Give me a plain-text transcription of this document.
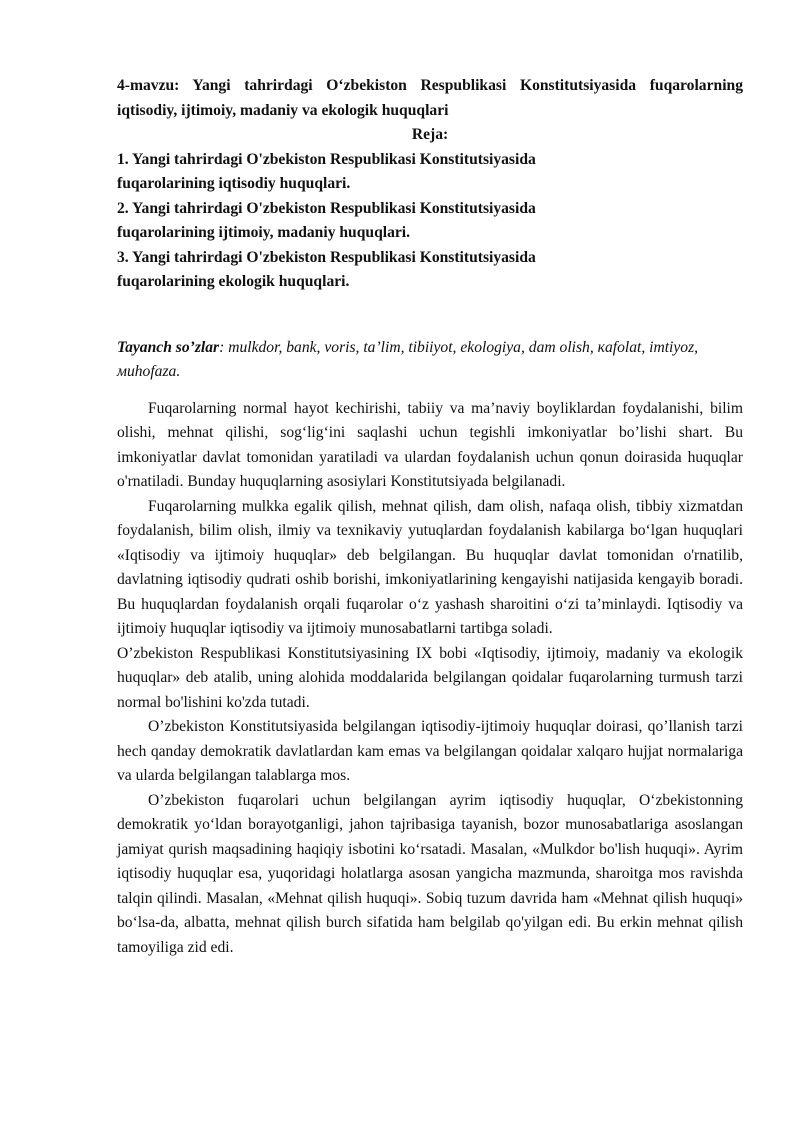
4-mavzu: Yangi tahrirdagi O‘zbekiston Respublikasi Konstitutsiyasida fuqarolarning iqtisodiy, ijtimoiy, madaniy va ekologik huquqlari

Reja:

1. Yangi tahrirdagi O'zbekiston Respublikasi Konstitutsiyasida fuqarolarining iqtisodiy huquqlari.
2. Yangi tahrirdagi O'zbekiston Respublikasi Konstitutsiyasida fuqarolarining ijtimoiy, madaniy huquqlari.
3. Yangi tahrirdagi O'zbekiston Respublikasi Konstitutsiyasida fuqarolarining ekologik huquqlari.

Tayanch so’zlar: mulkdor, bank, voris, ta’lim, tibiiyot, ekologiya, dam olish, кafolat, imtiyoz, мuhofaza.

Fuqarolarning normal hayot kechirishi, tabiiy va ma’naviy boyliklardan foydalanishi, bilim olishi, mehnat qilishi, sog‘lig‘ini saqlashi uchun tegishli imkoniyatlar bo’lishi shart. Bu imkoniyatlar davlat tomonidan yaratiladi va ulardan foydalanish uchun qonun doirasida huquqlar o'rnatiladi. Bunday huquqlarning asosiylari Konstitutsiyada belgilanadi.

Fuqarolarning mulkka egalik qilish, mehnat qilish, dam olish, nafaqa olish, tibbiy xizmatdan foydalanish, bilim olish, ilmiy va texnikaviy yutuqlardan foydalanish kabilarga bo‘lgan huquqlari «Iqtisodiy va ijtimoiy huquqlar» deb belgilangan. Bu huquqlar davlat tomonidan o'rnatilib, davlatning iqtisodiy qudrati oshib borishi, imkoniyatlarining kengayishi natijasida kengayib boradi. Bu huquqlardan foydalanish orqali fuqarolar o‘z yashash sharoitini o‘zi ta’minlaydi. Iqtisodiy va ijtimoiy huquqlar iqtisodiy va ijtimoiy munosabatlarni tartibga soladi.

O’zbekiston Respublikasi Konstitutsiyasining IX bobi «Iqtisodiy, ijtimoiy, madaniy va ekologik huquqlar» deb atalib, uning alohida moddalarida belgilangan qoidalar fuqarolarning turmush tarzi normal bo'lishini ko'zda tutadi.

O’zbekiston Konstitutsiyasida belgilangan iqtisodiy-ijtimoiy huquqlar doirasi, qo’llanish tarzi hech qanday demokratik davlatlardan kam emas va belgilangan qoidalar xalqaro hujjat normalariga va ularda belgilangan talablarga mos.

O’zbekiston fuqarolari uchun belgilangan ayrim iqtisodiy huquqlar, O‘zbekistonning demokratik yo‘ldan borayotganligi, jahon tajribasiga tayanish, bozor munosabatlariga asoslangan jamiyat qurish maqsadining haqiqiy isbotini ko‘rsatadi. Masalan, «Mulkdor bo'lish huquqi». Ayrim iqtisodiy huquqlar esa, yuqoridagi holatlarga asosan yangicha mazmunda, sharoitga mos ravishda talqin qilindi. Masalan, «Mehnat qilish huquqi». Sobiq tuzum davrida ham «Mehnat qilish huquqi» bo‘lsa-da, albatta, mehnat qilish burch sifatida ham belgilab qo'yilgan edi. Bu erkin mehnat qilish tamoyiliga zid edi.
